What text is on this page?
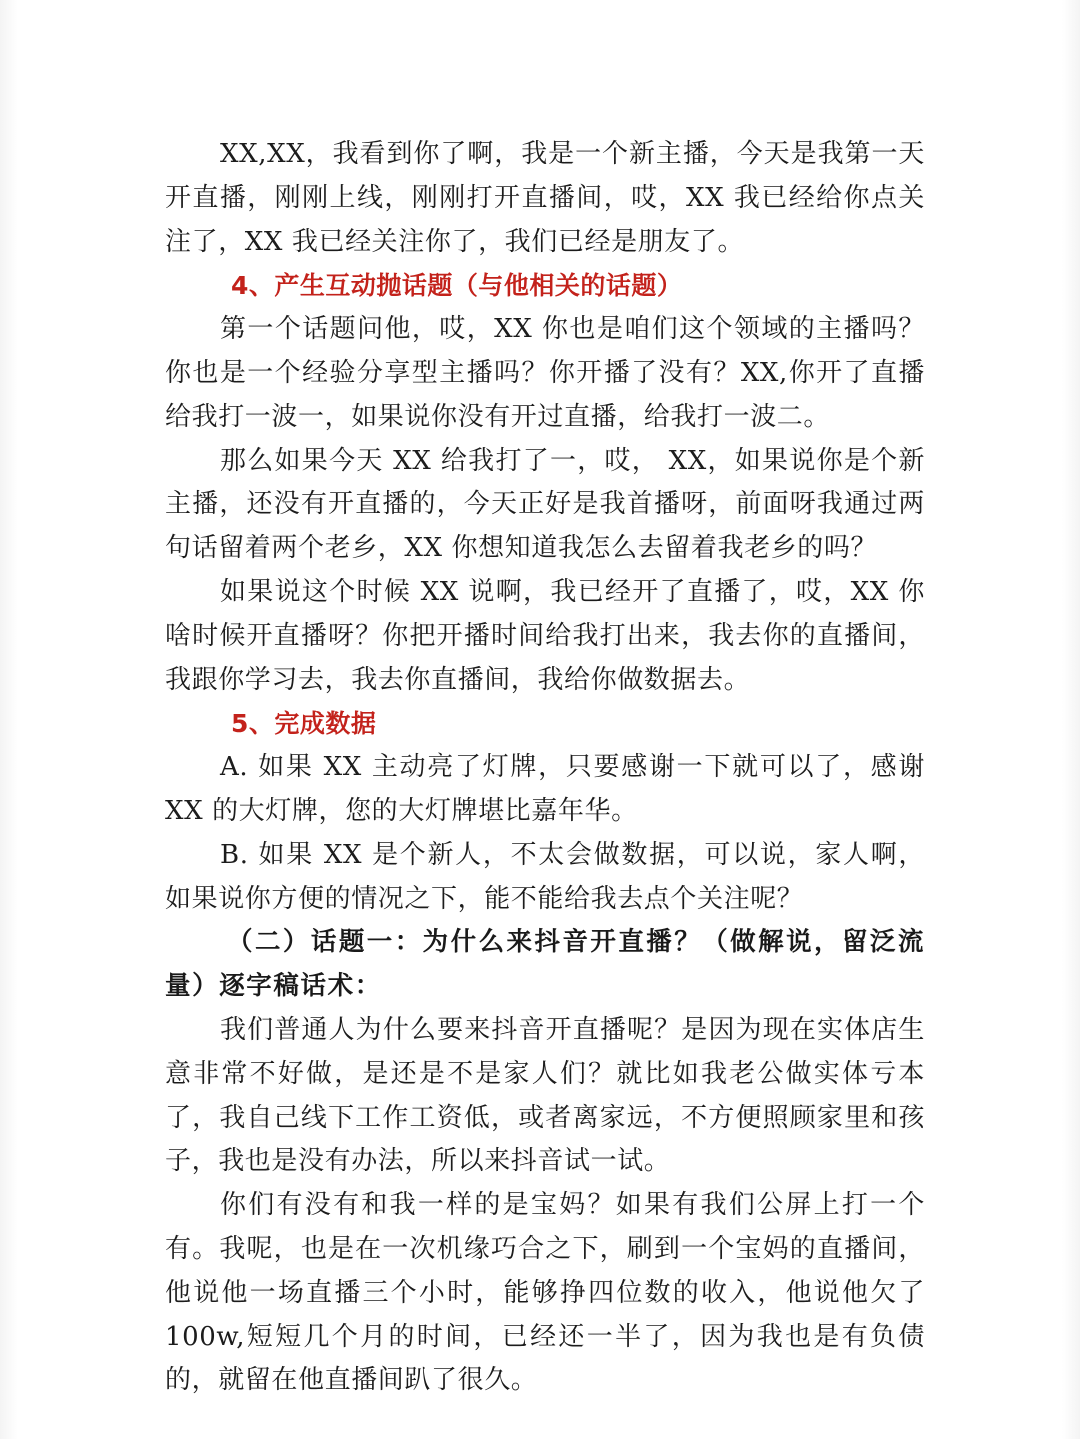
XX,XX，我看到你了啊，我是一个新主播，今天是我第一天开直播，刚刚上线，刚刚打开直播间，哎，XX 我已经给你点关注了，XX 我已经关注你了，我们已经是朋友了。

4、产生互动抛话题（与他相关的话题）

第一个话题问他，哎，XX 你也是咱们这个领域的主播吗？你也是一个经验分享型主播吗？你开播了没有？XX,你开了直播给我打一波一，如果说你没有开过直播，给我打一波二。

那么如果今天 XX 给我打了一，哎， XX，如果说你是个新主播，还没有开直播的，今天正好是我首播呀，前面呀我通过两句话留着两个老乡，XX 你想知道我怎么去留着我老乡的吗？

如果说这个时候 XX 说啊，我已经开了直播了，哎，XX 你啥时候开直播呀？你把开播时间给我打出来，我去你的直播间，我跟你学习去，我去你直播间，我给你做数据去。

5、完成数据

A. 如果 XX 主动亮了灯牌，只要感谢一下就可以了，感谢 XX 的大灯牌，您的大灯牌堪比嘉年华。

B. 如果 XX 是个新人，不太会做数据，可以说，家人啊，如果说你方便的情况之下，能不能给我去点个关注呢？

（二）话题一：为什么来抖音开直播？（做解说，留泛流量）逐字稿话术：

我们普通人为什么要来抖音开直播呢？是因为现在实体店生意非常不好做，是还是不是家人们？就比如我老公做实体亏本了，我自己线下工作工资低，或者离家远，不方便照顾家里和孩子，我也是没有办法，所以来抖音试一试。

你们有没有和我一样的是宝妈？如果有我们公屏上打一个有。我呢，也是在一次机缘巧合之下，刷到一个宝妈的直播间，他说他一场直播三个小时，能够挣四位数的收入，他说他欠了100w,短短几个月的时间，已经还一半了，因为我也是有负债的，就留在他直播间趴了很久。
